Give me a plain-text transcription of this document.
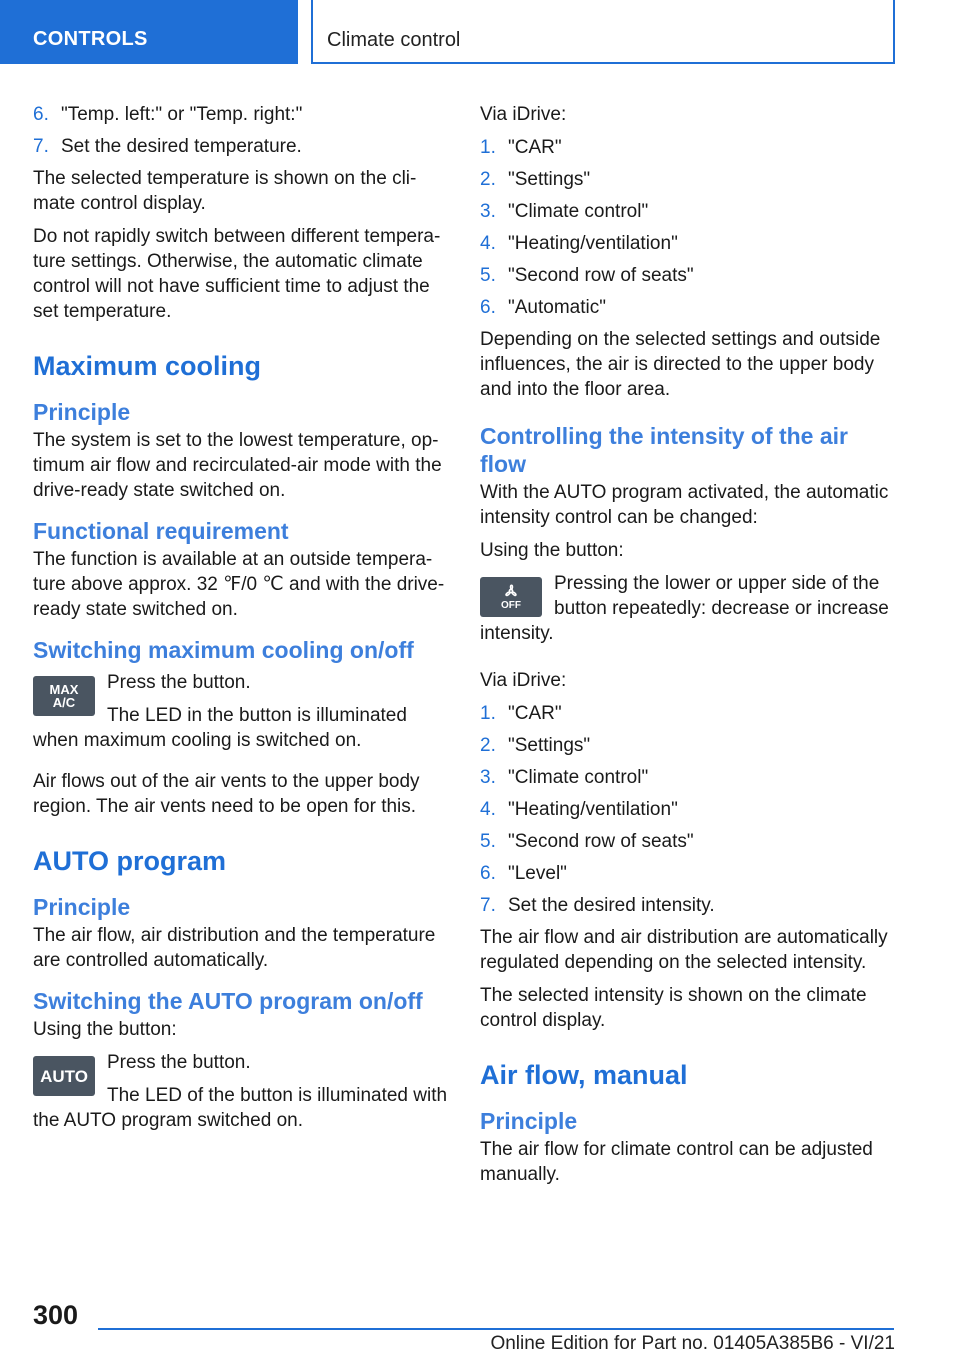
CONTROLS	Climate control
6. "Temp. left:" or "Temp. right:"
7. Set the desired temperature.

The selected temperature is shown on the cli-mate control display.

Do not rapidly switch between different tempera-ture settings. Otherwise, the automatic climate control will not have sufficient time to adjust the set temperature.

Maximum cooling
Principle

The system is set to the lowest temperature, op-timum air flow and recirculated-air mode with the drive-ready state switched on.

Functional requirement

The function is available at an outside tempera-ture above approx. 32 ℉/0 ℃ and with the drive-ready state switched on.

Switching maximum cooling on/off
MAX
A/C

Press the button.

The LED in the button is illuminated when maximum cooling is switched on.

Air flows out of the air vents to the upper body region. The air vents need to be open for this.

AUTO program
Principle

The air flow, air distribution and the temperature are controlled automatically.

Switching the AUTO program on/off

Using the button:

AUTO

Press the button.

The LED of the button is illuminated with the AUTO program switched on.

Via iDrive:

1. "CAR"
2. "Settings"
3. "Climate control"
4. "Heating/ventilation"
5. "Second row of seats"
6. "Automatic"

Depending on the selected settings and outside influences, the air is directed to the upper body and into the floor area.

Controlling the intensity of the air flow

With the AUTO program activated, the automatic intensity control can be changed:

Using the button:

OFF

Pressing the lower or upper side of the button repeatedly: decrease or increase intensity.

Via iDrive:

1. "CAR"
2. "Settings"
3. "Climate control"
4. "Heating/ventilation"
5. "Second row of seats"
6. "Level"
7. Set the desired intensity.

The air flow and air distribution are automatically regulated depending on the selected intensity.

The selected intensity is shown on the climate control display.

Air flow, manual
Principle

The air flow for climate control can be adjusted manually.

300
Online Edition for Part no. 01405A385B6 - VI/21
